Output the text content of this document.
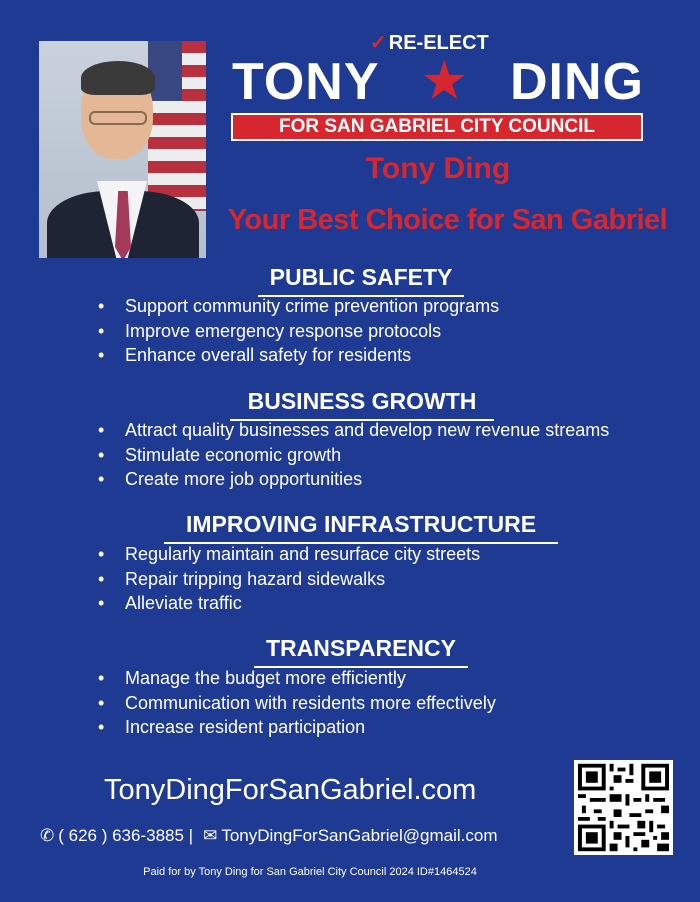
✓ RE-ELECT
TONY ★ DING
FOR SAN GABRIEL CITY COUNCIL
Tony Ding
Your Best Choice for San Gabriel
PUBLIC SAFETY
• Support community crime prevention programs
• Improve emergency response protocols
• Enhance overall safety for residents
BUSINESS GROWTH
• Attract quality businesses and develop new revenue streams
• Stimulate economic growth
• Create more job opportunities
IMPROVING INFRASTRUCTURE
• Regularly maintain and resurface city streets
• Repair tripping hazard sidewalks
• Alleviate traffic
TRANSPARENCY
• Manage the budget more efficiently
• Communication with residents more effectively
• Increase resident participation
TonyDingForSanGabriel.com
✆ ( 626 ) 636-3885 | ✉ TonyDingForSanGabriel@gmail.com
Paid for by Tony Ding for San Gabriel City Council 2024 ID#1464524
